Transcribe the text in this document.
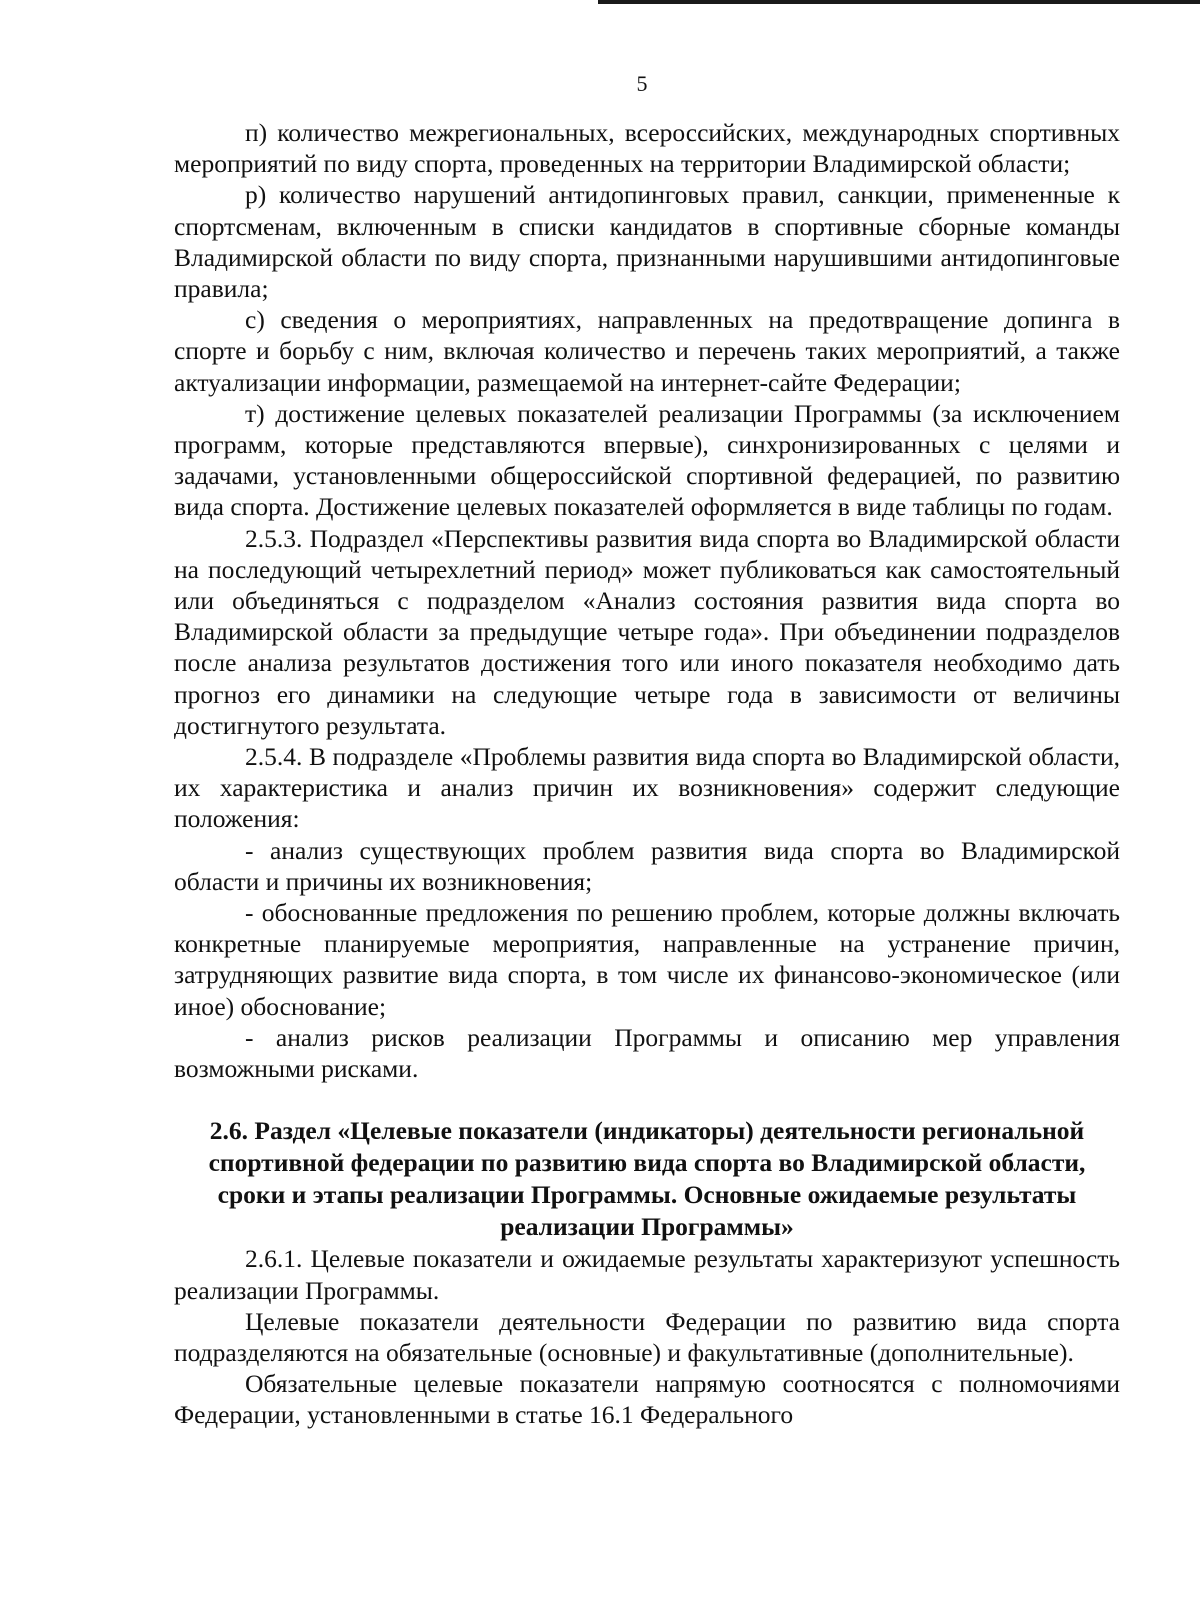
5

п) количество межрегиональных, всероссийских, международных спортивных мероприятий по виду спорта, проведенных на территории Владимирской области;

р) количество нарушений антидопинговых правил, санкции, примененные к спортсменам, включенным в списки кандидатов в спортивные сборные команды Владимирской области по виду спорта, признанными нарушившими антидопинговые правила;

с) сведения о мероприятиях, направленных на предотвращение допинга в спорте и борьбу с ним, включая количество и перечень таких мероприятий, а также актуализации информации, размещаемой на интернет-сайте Федерации;

т) достижение целевых показателей реализации Программы (за исключением программ, которые представляются впервые), синхронизированных с целями и задачами, установленными общероссийской спортивной федерацией, по развитию вида спорта. Достижение целевых показателей оформляется в виде таблицы по годам.

2.5.3. Подраздел «Перспективы развития вида спорта во Владимирской области на последующий четырехлетний период» может публиковаться как самостоятельный или объединяться с подразделом «Анализ состояния развития вида спорта во Владимирской области за предыдущие четыре года». При объединении подразделов после анализа результатов достижения того или иного показателя необходимо дать прогноз его динамики на следующие четыре года в зависимости от величины достигнутого результата.

2.5.4. В подразделе «Проблемы развития вида спорта во Владимирской области, их характеристика и анализ причин их возникновения» содержит следующие положения:

- анализ существующих проблем развития вида спорта во Владимирской области и причины их возникновения;

- обоснованные предложения по решению проблем, которые должны включать конкретные планируемые мероприятия, направленные на устранение причин, затрудняющих развитие вида спорта, в том числе их финансово-экономическое (или иное) обоснование;

- анализ рисков реализации Программы и описанию мер управления возможными рисками.

2.6. Раздел «Целевые показатели (индикаторы) деятельности региональной спортивной федерации по развитию вида спорта во Владимирской области, сроки и этапы реализации Программы. Основные ожидаемые результаты реализации Программы»

2.6.1. Целевые показатели и ожидаемые результаты характеризуют успешность реализации Программы.

Целевые показатели деятельности Федерации по развитию вида спорта подразделяются на обязательные (основные) и факультативные (дополнительные).

Обязательные целевые показатели напрямую соотносятся с полномочиями Федерации, установленными в статье 16.1 Федерального
